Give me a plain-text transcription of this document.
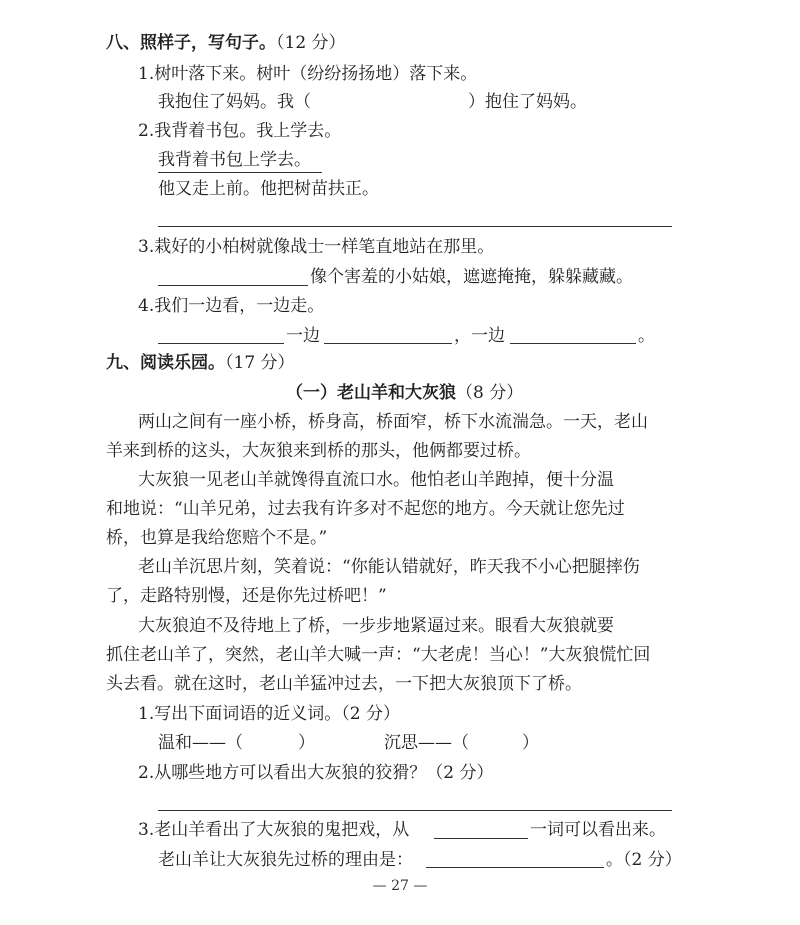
八、照样子，写句子。（12 分）
1.树叶落下来。树叶（纷纷扬扬地）落下来。
我抱住了妈妈。我（	）抱住了妈妈。
2.我背着书包。我上学去。
我背着书包上学去。
他又走上前。他把树苗扶正。
3.栽好的小柏树就像战士一样笔直地站在那里。
像个害羞的小姑娘，遮遮掩掩，躲躲藏藏。
4.我们一边看，一边走。
一边	，一边	。
九、阅读乐园。（17 分）
（一）老山羊和大灰狼（8 分）
两山之间有一座小桥，桥身高，桥面窄，桥下水流湍急。一天，老山
羊来到桥的这头，大灰狼来到桥的那头，他俩都要过桥。
大灰狼一见老山羊就馋得直流口水。他怕老山羊跑掉，便十分温
和地说：“山羊兄弟，过去我有许多对不起您的地方。今天就让您先过
桥，也算是我给您赔个不是。”
老山羊沉思片刻，笑着说：“你能认错就好，昨天我不小心把腿摔伤
了，走路特别慢，还是你先过桥吧！”
大灰狼迫不及待地上了桥，一步步地紧逼过来。眼看大灰狼就要
抓住老山羊了，突然，老山羊大喊一声：“大老虎！当心！”大灰狼慌忙回
头去看。就在这时，老山羊猛冲过去，一下把大灰狼顶下了桥。
1.写出下面词语的近义词。（2 分）
温和——（	）	沉思——（	）
2.从哪些地方可以看出大灰狼的狡猾？（2 分）
3.老山羊看出了大灰狼的鬼把戏，从	一词可以看出来。
老山羊让大灰狼先过桥的理由是：	。（2 分）
— 27 —
